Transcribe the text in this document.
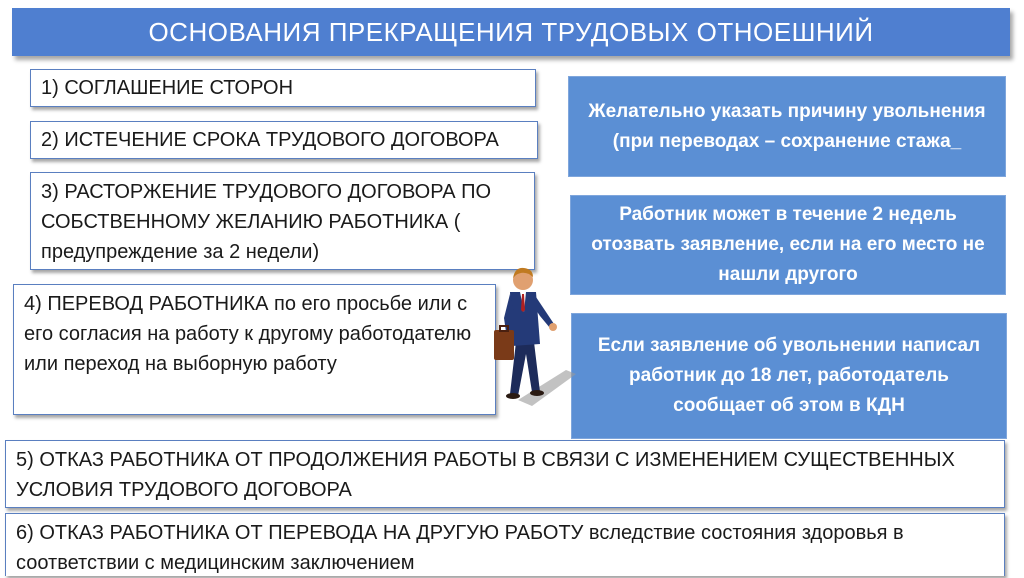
ОСНОВАНИЯ ПРЕКРАЩЕНИЯ ТРУДОВЫХ ОТНОЕШНИЙ
1) СОГЛАШЕНИЕ СТОРОН
2) ИСТЕЧЕНИЕ СРОКА ТРУДОВОГО ДОГОВОРА
3) РАСТОРЖЕНИЕ ТРУДОВОГО ДОГОВОРА ПО СОБСТВЕННОМУ ЖЕЛАНИЮ РАБОТНИКА ( предупреждение за 2 недели)
4) ПЕРЕВОД РАБОТНИКА по его просьбе или с его согласия на работу к другому работодателю или переход на выборную работу
5) ОТКАЗ РАБОТНИКА ОТ ПРОДОЛЖЕНИЯ РАБОТЫ В СВЯЗИ С ИЗМЕНЕНИЕМ СУЩЕСТВЕННЫХ УСЛОВИЯ ТРУДОВОГО ДОГОВОРА
6) ОТКАЗ РАБОТНИКА ОТ ПЕРЕВОДА НА ДРУГУЮ РАБОТУ вследствие состояния здоровья в соответствии с медицинским заключением
Желательно указать причину увольнения (при переводах – сохранение стажа_
Работник может в течение 2 недель отозвать заявление, если на его место не нашли другого
Если заявление об увольнении написал работник до 18 лет, работодатель сообщает об этом в КДН
